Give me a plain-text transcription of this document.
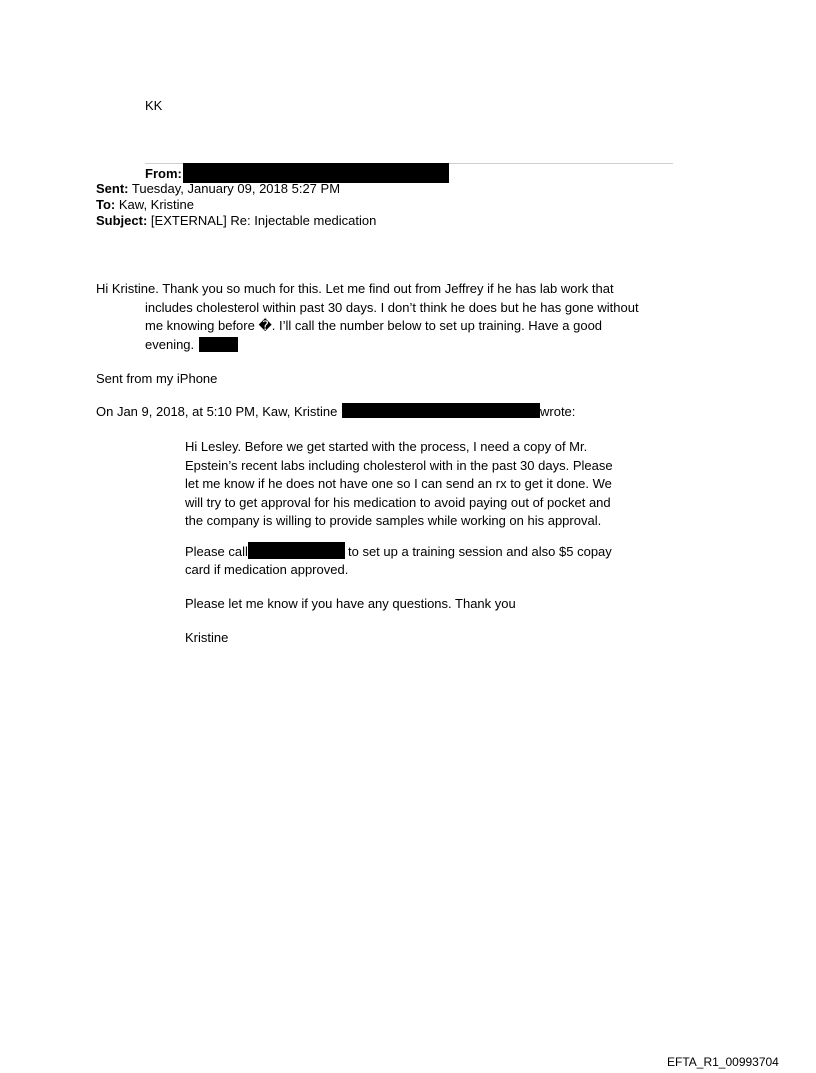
KK
From:
Sent: Tuesday, January 09, 2018 5:27 PM
To: Kaw, Kristine
Subject: [EXTERNAL] Re: Injectable medication
Hi Kristine. Thank you so much for this. Let me find out from Jeffrey if he has lab work that
includes cholesterol within past 30 days. I don’t think he does but he has gone without
me knowing before �. I’ll call the number below to set up training. Have a good
evening.
Sent from my iPhone
On Jan 9, 2018, at 5:10 PM, Kaw, Kristine	wrote:
Hi Lesley. Before we get started with the process, I need a copy of Mr.
Epstein’s recent labs including cholesterol with in the past 30 days. Please
let me know if he does not have one so I can send an rx to get it done. We
will try to get approval for his medication to avoid paying out of pocket and
the company is willing to provide samples while working on his approval.
Please call	to set up a training session and also $5 copay
card if medication approved.
Please let me know if you have any questions. Thank you
Kristine
EFTA_R1_00993704
